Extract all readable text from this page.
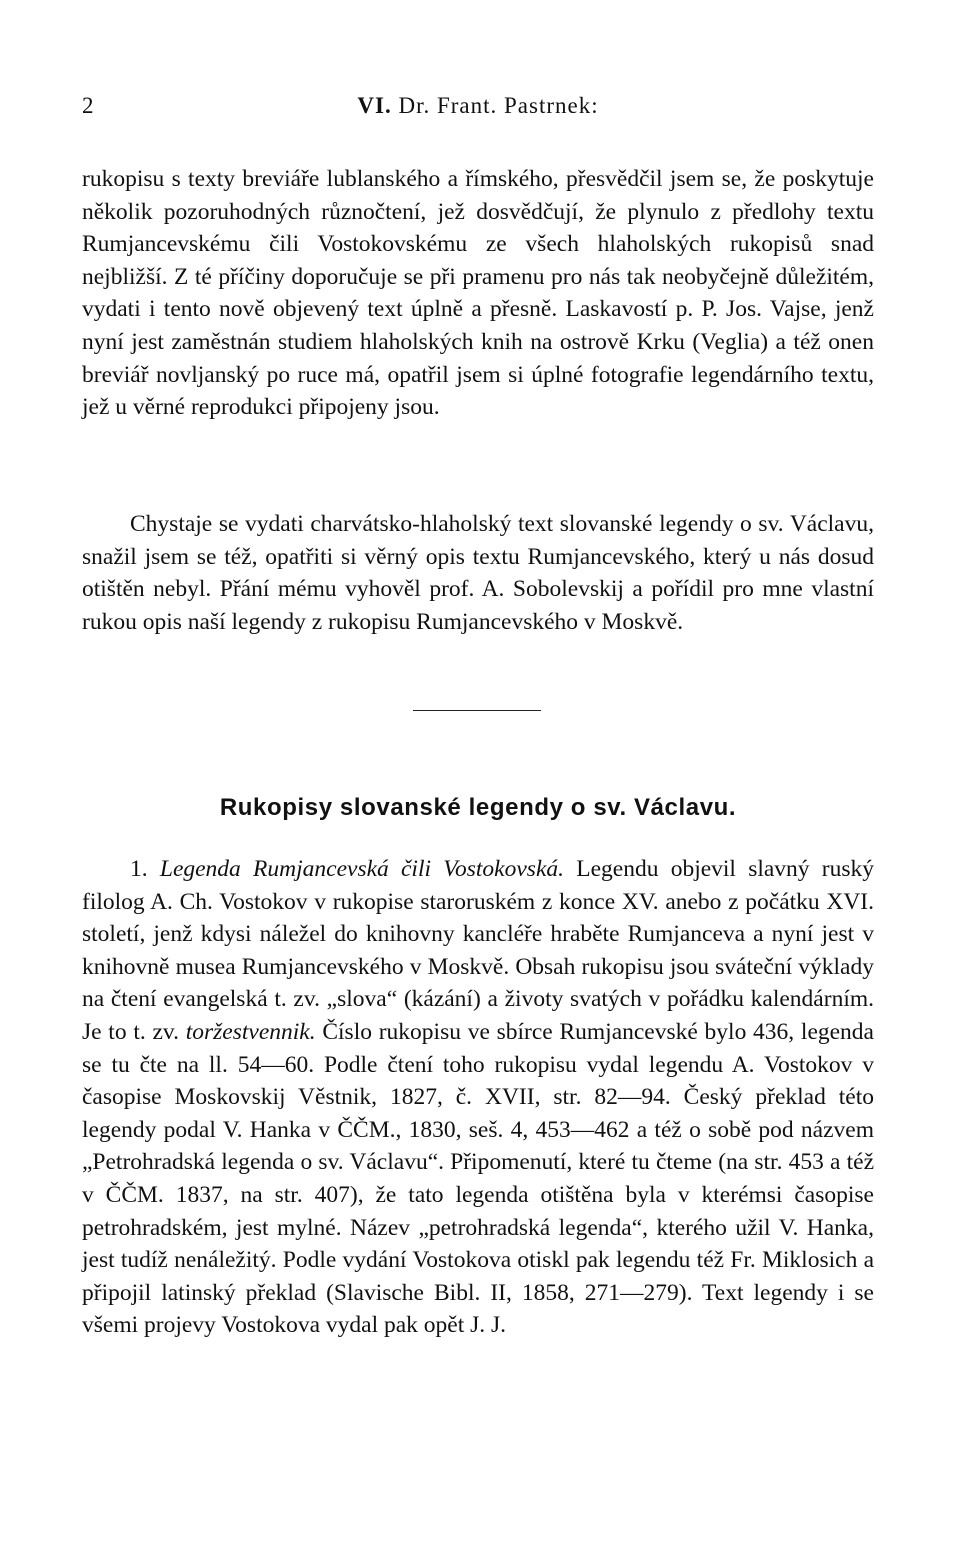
2	VI. Dr. Frant. Pastrnek:

rukopisu s texty breviáře lublanského a římského, přesvědčil jsem se, že poskytuje několik pozoruhodných různočtení, jež dosvědčují, že plynulo z předlohy textu Rumjancevskému čili Vostokovskému ze všech hlaholských rukopisů snad nejbližší. Z té příčiny doporučuje se při pramenu pro nás tak neobyčejně důležitém, vydati i tento nově objevený text úplně a přesně. Laskavostí p. P. Jos. Vajse, jenž nyní jest zaměstnán studiem hlaholských knih na ostrově Krku (Veglia) a též onen breviář novljanský po ruce má, opatřil jsem si úplné fotografie legendárního textu, jež u věrné reprodukci připojeny jsou.

Chystaje se vydati charvátsko-hlaholský text slovanské legendy o sv. Václavu, snažil jsem se též, opatřiti si věrný opis textu Rumjancevského, který u nás dosud otištěn nebyl. Přání mému vyhověl prof. A. Sobolevskij a pořídil pro mne vlastní rukou opis naší legendy z rukopisu Rumjancevského v Moskvě.

Rukopisy slovanské legendy o sv. Václavu.

1. Legenda Rumjancevská čili Vostokovská. Legendu objevil slavný ruský filolog A. Ch. Vostokov v rukopise staroruském z konce XV. anebo z počátku XVI. století, jenž kdysi náležel do knihovny kancléře hraběte Rumjanceva a nyní jest v knihovně musea Rumjancevského v Moskvě. Obsah rukopisu jsou sváteční výklady na čtení evangelská t. zv. „slova“ (kázání) a životy svatých v pořádku kalendárním. Je to t. zv. toržestvennik. Číslo rukopisu ve sbírce Rumjancevské bylo 436, legenda se tu čte na ll. 54—60. Podle čtení toho rukopisu vydal legendu A. Vostokov v časopise Moskovskij Věstnik, 1827, č. XVII, str. 82—94. Český překlad této legendy podal V. Hanka v ČČM., 1830, seš. 4, 453—462 a též o sobě pod názvem „Petrohradská legenda o sv. Václavu“. Připomenutí, které tu čteme (na str. 453 a též v ČČM. 1837, na str. 407), že tato legenda otištěna byla v kterémsi časopise petrohradském, jest mylné. Název „petrohradská legenda“, kterého užil V. Hanka, jest tudíž nenáležitý. Podle vydání Vostokova otiskl pak legendu též Fr. Miklosich a připojil latinský překlad (Slavische Bibl. II, 1858, 271—279). Text legendy i se všemi projevy Vostokova vydal pak opět J. J.
